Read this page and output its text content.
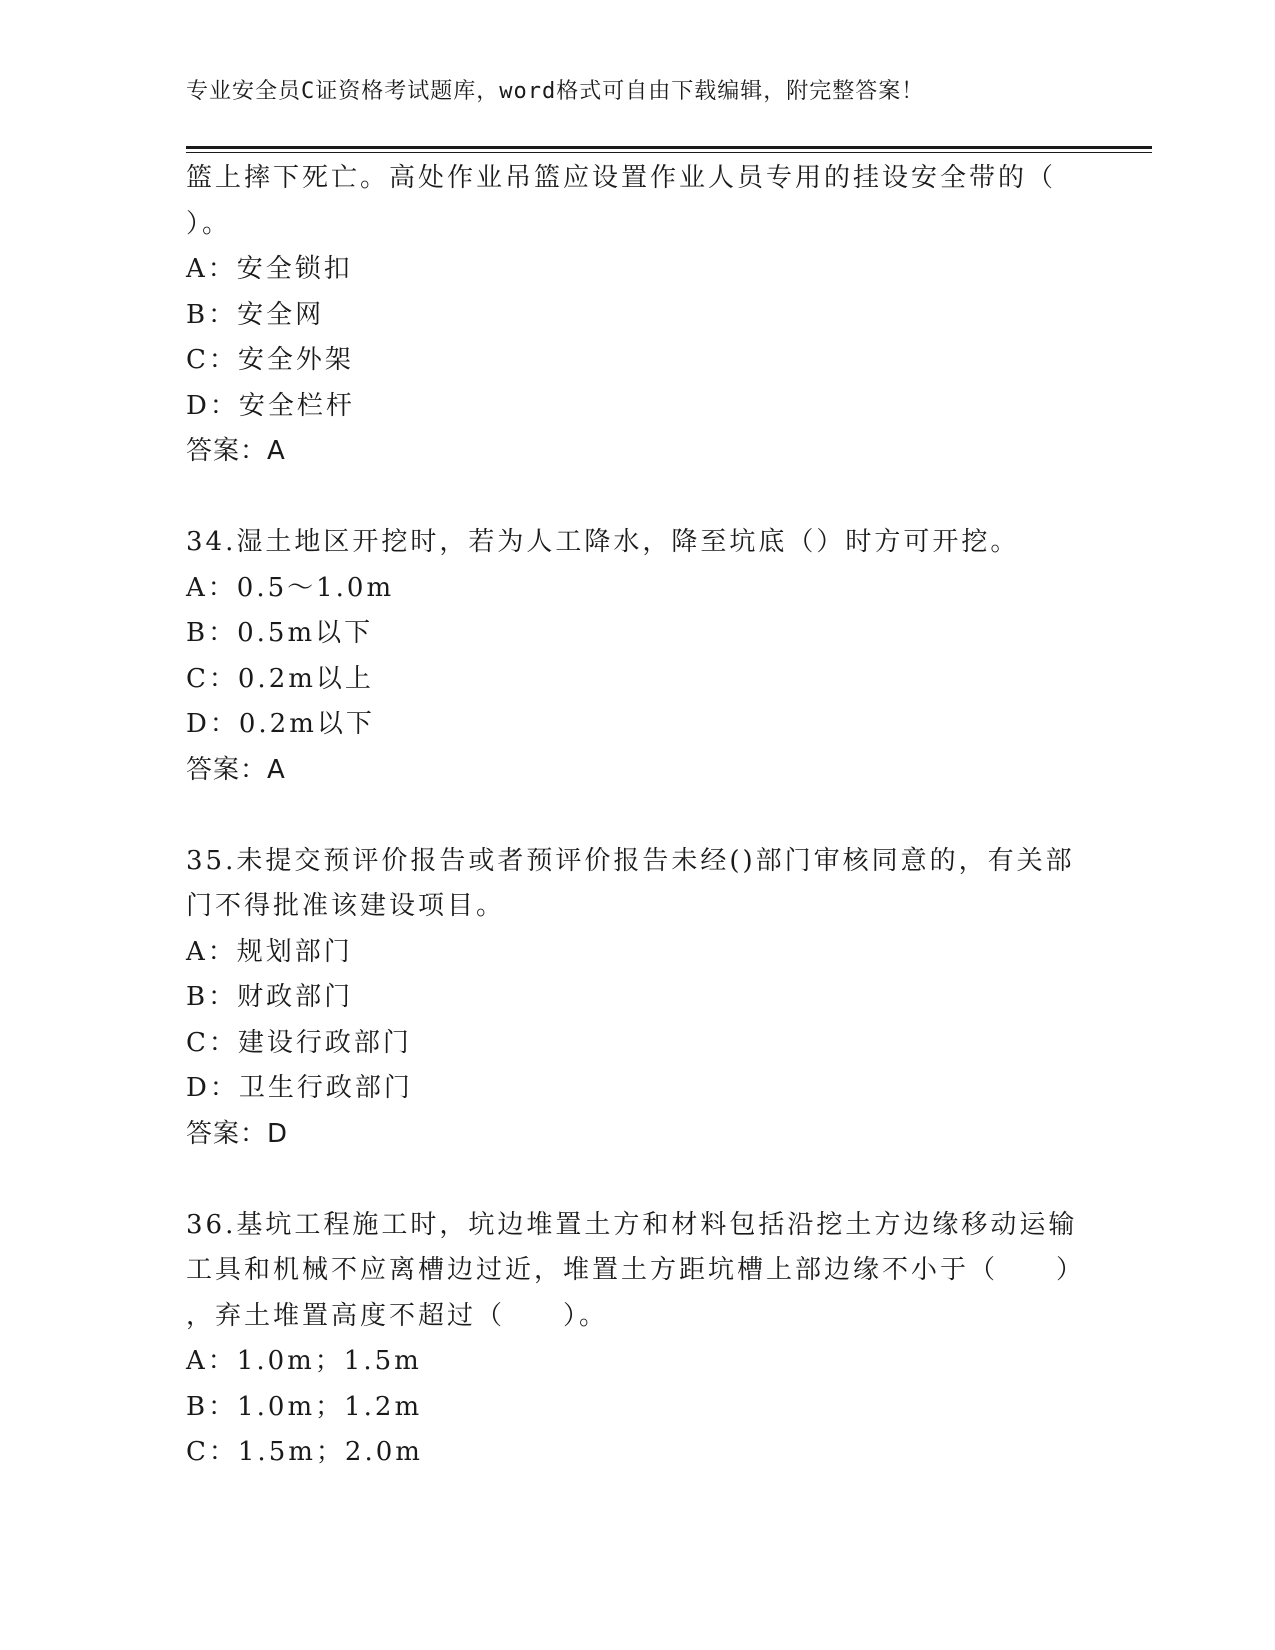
专业安全员C证资格考试题库，word格式可自由下载编辑，附完整答案！
篮上摔下死亡。高处作业吊篮应设置作业人员专用的挂设安全带的（
）。
A：安全锁扣
B：安全网
C：安全外架
D：安全栏杆
答案：A
34.湿土地区开挖时，若为人工降水，降至坑底（）时方可开挖。
A：0.5～1.0m
B：0.5m以下
C：0.2m以上
D：0.2m以下
答案：A
35.未提交预评价报告或者预评价报告未经()部门审核同意的，有关部
门不得批准该建设项目。
A：规划部门
B：财政部门
C：建设行政部门
D：卫生行政部门
答案：D
36.基坑工程施工时，坑边堆置土方和材料包括沿挖土方边缘移动运输
工具和机械不应离槽边过近，堆置土方距坑槽上部边缘不小于（　　）
，弃土堆置高度不超过（　　）。
A：1.0m；1.5m
B：1.0m；1.2m
C：1.5m；2.0m
